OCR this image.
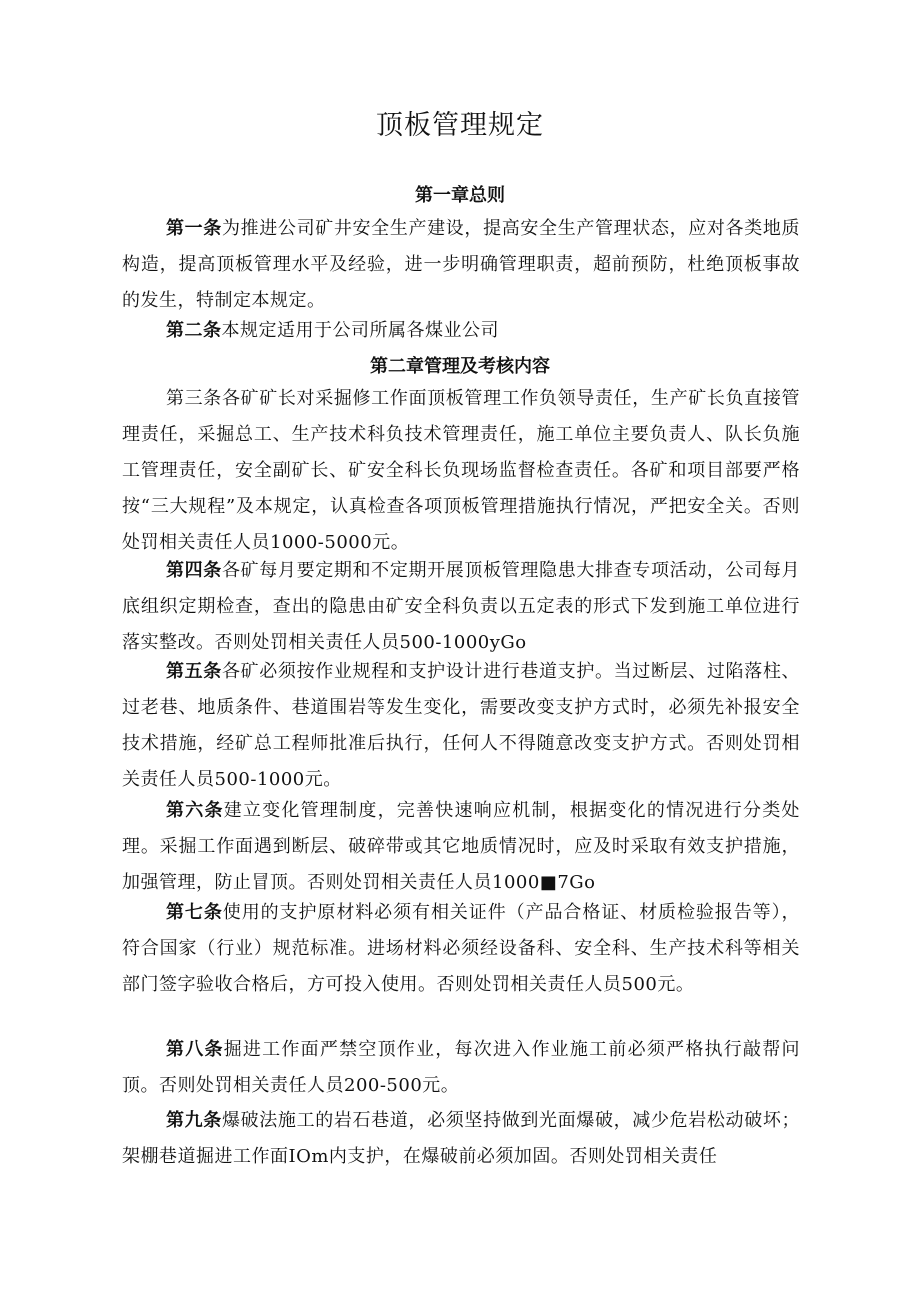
顶板管理规定
第一章总则

第一条为推进公司矿井安全生产建设，提高安全生产管理状态，应对各类地质构造，提高顶板管理水平及经验，进一步明确管理职责，超前预防，杜绝顶板事故的发生，特制定本规定。

第二条本规定适用于公司所属各煤业公司

第二章管理及考核内容

第三条各矿矿长对采掘修工作面顶板管理工作负领导责任，生产矿长负直接管理责任，采掘总工、生产技术科负技术管理责任，施工单位主要负责人、队长负施工管理责任，安全副矿长、矿安全科长负现场监督检查责任。各矿和项目部要严格按“三大规程”及本规定，认真检查各项顶板管理措施执行情况，严把安全关。否则处罚相关责任人员1000-5000元。

第四条各矿每月要定期和不定期开展顶板管理隐患大排查专项活动，公司每月底组织定期检查，查出的隐患由矿安全科负责以五定表的形式下发到施工单位进行落实整改。否则处罚相关责任人员500-1000yGo

第五条各矿必须按作业规程和支护设计进行巷道支护。当过断层、过陷落柱、过老巷、地质条件、巷道围岩等发生变化，需要改变支护方式时，必须先补报安全技术措施，经矿总工程师批准后执行，任何人不得随意改变支护方式。否则处罚相关责任人员500-1000元。

第六条建立变化管理制度，完善快速响应机制，根据变化的情况进行分类处理。采掘工作面遇到断层、破碎带或其它地质情况时，应及时采取有效支护措施，加强管理，防止冒顶。否则处罚相关责任人员1000■7Go

第七条使用的支护原材料必须有相关证件（产品合格证、材质检验报告等），符合国家（行业）规范标准。进场材料必须经设备科、安全科、生产技术科等相关部门签字验收合格后，方可投入使用。否则处罚相关责任人员500元。

第八条掘进工作面严禁空顶作业，每次进入作业施工前必须严格执行敲帮问顶。否则处罚相关责任人员200-500元。

第九条爆破法施工的岩石巷道，必须坚持做到光面爆破，减少危岩松动破坏；架棚巷道掘进工作面IOm内支护，在爆破前必须加固。否则处罚相关责任
